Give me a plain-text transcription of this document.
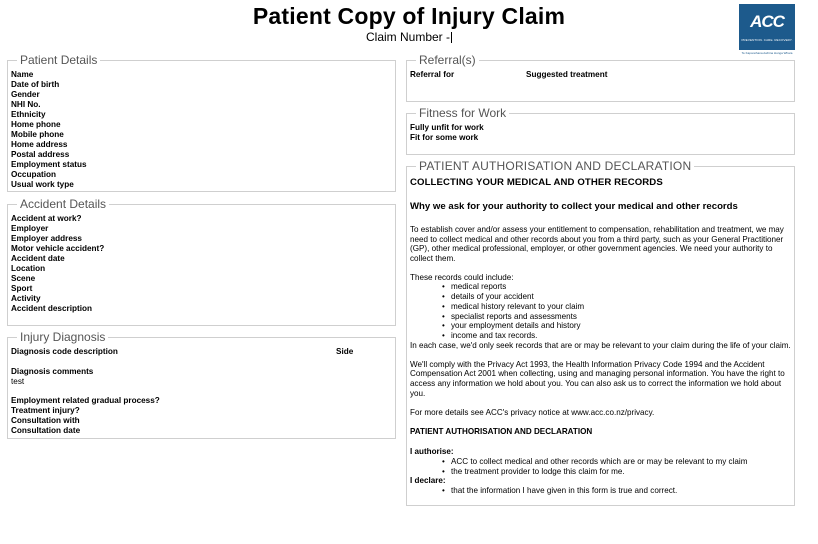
Patient Copy of Injury Claim
Claim Number -
ACC
PREVENTION. CARE. RECOVERY.
Te Kaporeihana Awhina Hunga Whara
Patient Details
Name
Date of birth
Gender
NHI No.
Ethnicity
Home phone
Mobile phone
Home address
Postal address
Employment status
Occupation
Usual work type
Accident Details
Accident at work?
Employer
Employer address
Motor vehicle accident?
Accident date
Location
Scene
Sport
Activity
Accident description
Injury Diagnosis
Diagnosis code description	Side
Diagnosis comments
test
Employment related gradual process?
Treatment injury?
Consultation with
Consultation date
Referral(s)
Referral for	Suggested treatment
Fitness for Work
Fully unfit for work
Fit for some work
PATIENT AUTHORISATION AND DECLARATION
COLLECTING YOUR MEDICAL AND OTHER RECORDS
Why we ask for your authority to collect your medical and other records

To establish cover and/or assess your entitlement to compensation, rehabilitation and treatment, we may need to collect medical and other records about you from a third party, such as your General Practitioner (GP), other medical professional, employer, or other government agencies. We need your authority to collect them.

These records could include:
• medical reports
• details of your accident
• medical history relevant to your claim
• specialist reports and assessments
• your employment details and history
• income and tax records.

In each case, we'd only seek records that are or may be relevant to your claim during the life of your claim.

We'll comply with the Privacy Act 1993, the Health Information Privacy Code 1994 and the Accident Compensation Act 2001 when collecting, using and managing personal information. You have the right to access any information we hold about you. You can also ask us to correct the information we hold about you.

For more details see ACC's privacy notice at www.acc.co.nz/privacy.

PATIENT AUTHORISATION AND DECLARATION

I authorise:
• ACC to collect medical and other records which are or may be relevant to my claim
• the treatment provider to lodge this claim for me.
I declare:
• that the information I have given in this form is true and correct.
